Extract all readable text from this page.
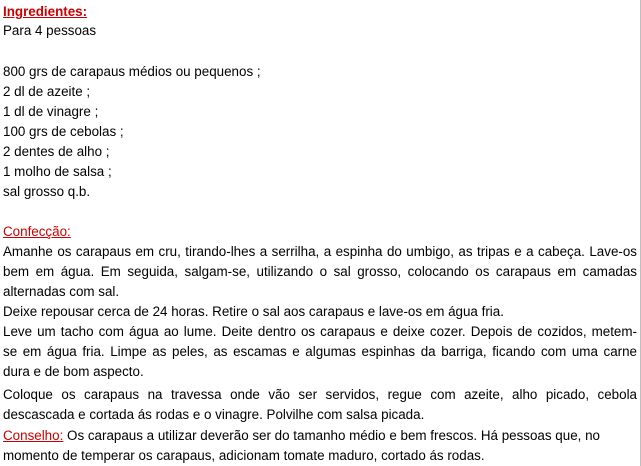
Ingredientes:
Para 4 pessoas
800 grs de carapaus médios ou pequenos ;
2 dl de azeite ;
1 dl de vinagre ;
100 grs de cebolas ;
2 dentes de alho ;
1 molho de salsa ;
sal grosso q.b.
Confecção:
Amanhe os carapaus em cru, tirando-lhes a serrilha, a espinha do umbigo, as tripas e a cabeça. Lave-os
bem em água. Em seguida, salgam-se, utilizando o sal grosso, colocando os carapaus em camadas
alternadas com sal.
Deixe repousar cerca de 24 horas. Retire o sal aos carapaus e lave-os em água fria.
Leve um tacho com água ao lume. Deite dentro os carapaus e deixe cozer. Depois de cozidos, metem-
se em água fria. Limpe as peles, as escamas e algumas espinhas da barriga, ficando com uma carne
dura e de bom aspecto.
Coloque os carapaus na travessa onde vão ser servidos, regue com azeite, alho picado, cebola
descascada e cortada ás rodas e o vinagre. Polvilhe com salsa picada.
Conselho: Os carapaus a utilizar deverão ser do tamanho médio e bem frescos. Há pessoas que, no
momento de temperar os carapaus, adicionam tomate maduro, cortado ás rodas.
